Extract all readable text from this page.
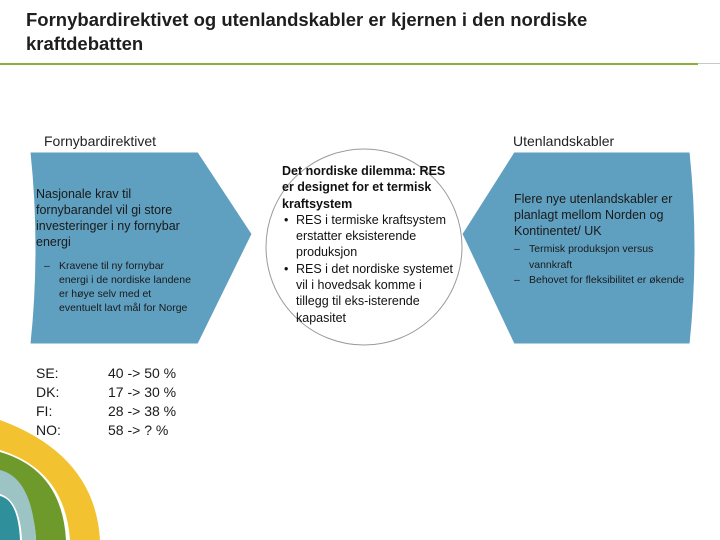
Fornybardirektivet og utenlandskabler er kjernen i den nordiske kraftdebatten
Fornybardirektivet	Utenlandskabler
Nasjonale krav til fornybarandel vil gi store investeringer i ny fornybar energi
– Kravene til ny fornybar energi i de nordiske landene er høye selv med et eventuelt lavt mål for Norge
Det nordiske dilemma: RES er designet for et termisk kraftsystem
• RES i termiske kraftsystem erstatter eksisterende produksjon
• RES i det nordiske systemet vil i hovedsak komme i tillegg til eks-isterende kapasitet
Flere nye utenlandskabler er planlagt mellom Norden og Kontinentet/ UK
– Termisk produksjon versus vannkraft
– Behovet for fleksibilitet er økende
SE:	40 -> 50 %
DK:	17 -> 30 %
FI:	28 -> 38 %
NO:	58 -> ? %
